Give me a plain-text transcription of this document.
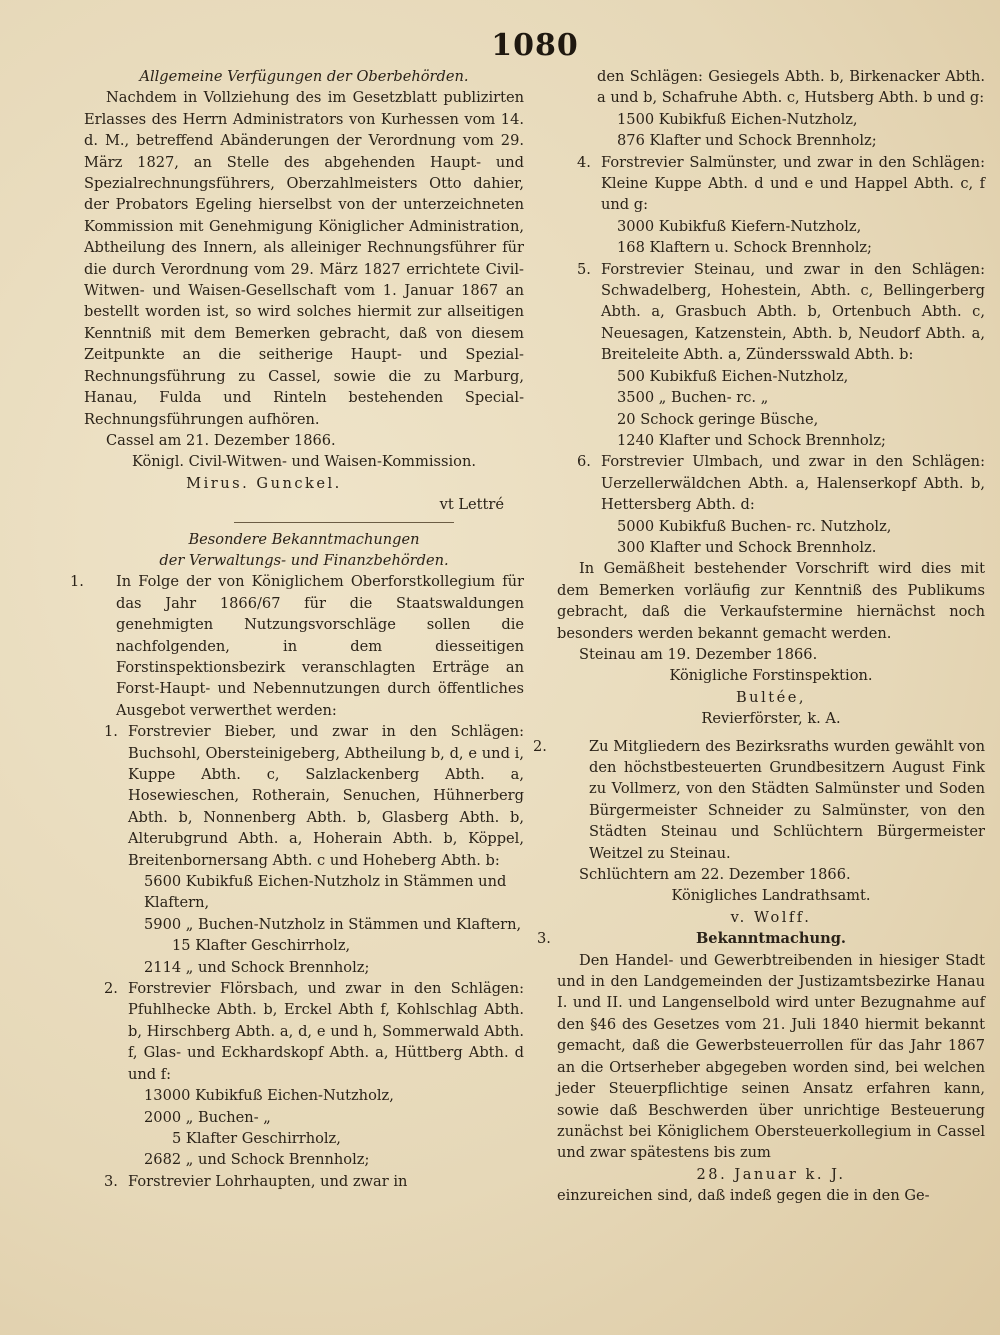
1080

Allgemeine Verfügungen der Oberbehörden.

Nachdem in Vollziehung des im Gesetzblatt publizirten Erlasses des Herrn Administrators von Kurhessen vom 14. d. M., betreffend Abänderungen der Verordnung vom 29. März 1827, an Stelle des abgehenden Haupt- und Spezialrechnungsführers, Oberzahlmeisters Otto dahier, der Probators Egeling hierselbst von der unterzeichneten Kommission mit Genehmigung Königlicher Administration, Abtheilung des Innern, als alleiniger Rechnungsführer für die durch Verordnung vom 29. März 1827 errichtete Civil-Witwen- und Waisen-Gesellschaft vom 1. Januar 1867 an bestellt worden ist, so wird solches hiermit zur allseitigen Kenntniß mit dem Bemerken gebracht, daß von diesem Zeitpunkte an die seitherige Haupt- und Spezial-Rechnungsführung zu Cassel, sowie die zu Marburg, Hanau, Fulda und Rinteln bestehenden Special-Rechnungsführungen aufhören.

Cassel am 21. Dezember 1866.

Königl. Civil-Witwen- und Waisen-Kommission.

Mirus. Gunckel.

vt Lettré

Besondere Bekanntmachungen

der Verwaltungs- und Finanzbehörden.

1. In Folge der von Königlichem Oberforstkollegium für das Jahr 1866/67 für die Staatswaldungen genehmigten Nutzungsvorschläge sollen die nachfolgenden, in dem diesseitigen Forstinspektionsbezirk veranschlagten Erträge an Forst-Haupt- und Nebennutzungen durch öffentliches Ausgebot verwerthet werden:
1. Forstrevier Bieber, und zwar in den Schlägen: Buchsohl, Obersteinigeberg, Abtheilung b, d, e und i, Kuppe Abth. c, Salzlackenberg Abth. a, Hosewieschen, Rotherain, Senuchen, Hühnerberg Abth. b, Nonnenberg Abth. b, Glasberg Abth. b, Alterubgrund Abth. a, Hoherain Abth. b, Köppel, Breitenbornersang Abth. c und Hoheberg Abth. b:

5600 Kubikfuß Eichen-Nutzholz in Stämmen und Klaftern,

5900 „ Buchen-Nutzholz in Stämmen und Klaftern,

15 Klafter Geschirrholz,

2114 „ und Schock Brennholz;

2. Forstrevier Flörsbach, und zwar in den Schlägen: Pfuhlhecke Abth. b, Erckel Abth f, Kohlschlag Abth. b, Hirschberg Abth. a, d, e und h, Sommerwald Abth. f, Glas- und Eckhardskopf Abth. a, Hüttberg Abth. d und f:

13000 Kubikfuß Eichen-Nutzholz,

2000 „ Buchen- „

5 Klafter Geschirrholz,

2682 „ und Schock Brennholz;

3. Forstrevier Lohrhaupten, und zwar in

den Schlägen: Gesiegels Abth. b, Birkenacker Abth. a und b, Schafruhe Abth. c, Hutsberg Abth. b und g:

1500 Kubikfuß Eichen-Nutzholz,

876 Klafter und Schock Brennholz;

4. Forstrevier Salmünster, und zwar in den Schlägen: Kleine Kuppe Abth. d und e und Happel Abth. c, f und g:

3000 Kubikfuß Kiefern-Nutzholz,

168 Klaftern u. Schock Brennholz;

5. Forstrevier Steinau, und zwar in den Schlägen: Schwadelberg, Hohestein, Abth. c, Bellingerberg Abth. a, Grasbuch Abth. b, Ortenbuch Abth. c, Neuesagen, Katzenstein, Abth. b, Neudorf Abth. a, Breiteleite Abth. a, Zündersswald Abth. b:

500 Kubikfuß Eichen-Nutzholz,

3500 „ Buchen- rc. „

20 Schock geringe Büsche,

1240 Klafter und Schock Brennholz;

6. Forstrevier Ulmbach, und zwar in den Schlägen: Uerzellerwäldchen Abth. a, Halenserkopf Abth. b, Hettersberg Abth. d:

5000 Kubikfuß Buchen- rc. Nutzholz,

300 Klafter und Schock Brennholz.

In Gemäßheit bestehender Vorschrift wird dies mit dem Bemerken vorläufig zur Kenntniß des Publikums gebracht, daß die Verkaufstermine hiernächst noch besonders werden bekannt gemacht werden.

Steinau am 19. Dezember 1866.

Königliche Forstinspektion.

Bultée,

Revierförster, k. A.

2.	Zu Mitgliedern des Bezirksraths wurden gewählt von den höchstbesteuerten Grundbesitzern August Fink zu Vollmerz, von den Städten Salmünster und Soden Bürgermeister Schneider zu Salmünster, von den Städten Steinau und Schlüchtern Bürgermeister Weitzel zu Steinau.

Schlüchtern am 22. Dezember 1866.

Königliches Landrathsamt.

v. Wolff.

3.	Bekanntmachung.

Den Handel- und Gewerbtreibenden in hiesiger Stadt und in den Landgemeinden der Justizamtsbezirke Hanau I. und II. und Langenselbold wird unter Bezugnahme auf den §46 des Gesetzes vom 21. Juli 1840 hiermit bekannt gemacht, daß die Gewerbsteuerrollen für das Jahr 1867 an die Ortserheber abgegeben worden sind, bei welchen jeder Steuerpflichtige seinen Ansatz erfahren kann, sowie daß Beschwerden über unrichtige Besteuerung zunächst bei Königlichem Obersteuerkollegium in Cassel und zwar spätestens bis zum

28. Januar k. J.

einzureichen sind, daß indeß gegen die in den Ge-
